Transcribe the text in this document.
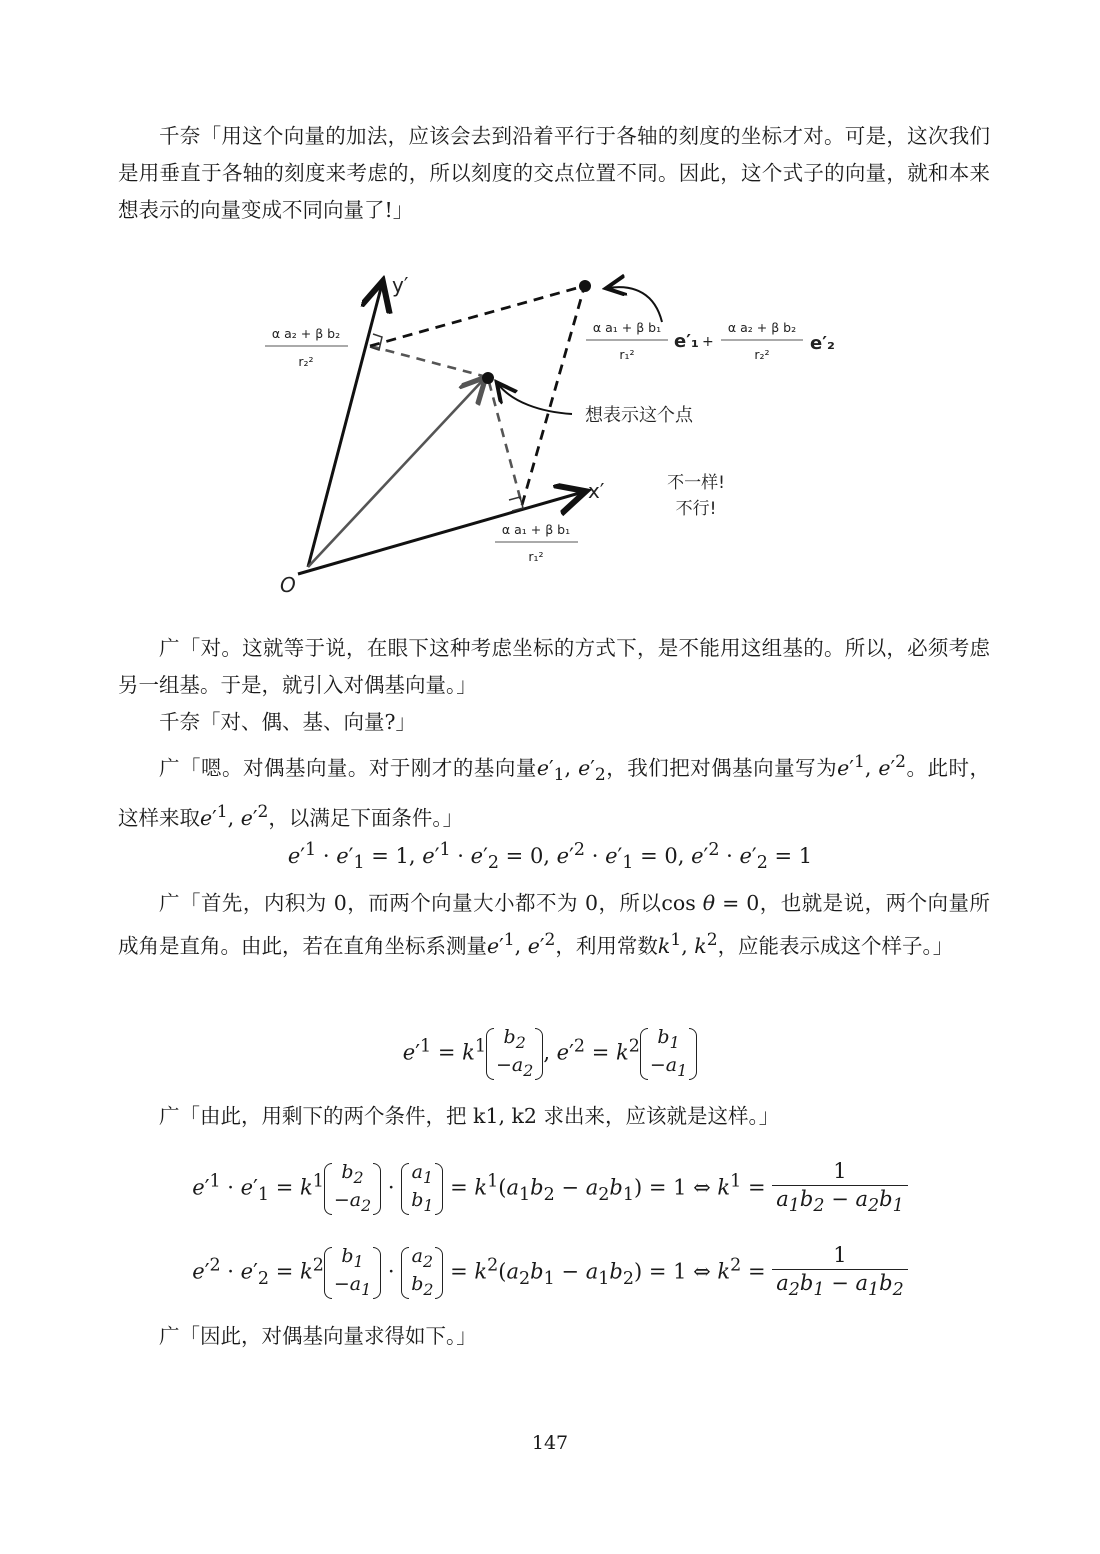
千奈「用这个向量的加法，应该会去到沿着平行于各轴的刻度的坐标才对。可是，这次我们是用垂直于各轴的刻度来考虑的，所以刻度的交点位置不同。因此，这个式子的向量，就和本来想表示的向量变成不同向量了!」

y′
x′
O
α a₂ + β b₂
r₂²
α a₁ + β b₁
r₁²
α a₁ + β b₁
r₁²
e′₁ +
α a₂ + β b₂
r₂²
e′₂
想表示这个点
不一样!
不行!

广「对。这就等于说，在眼下这种考虑坐标的方式下，是不能用这组基的。所以，必须考虑另一组基。于是，就引入对偶基向量。」

千奈「对、偶、基、向量?」

广「嗯。对偶基向量。对于刚才的基向量$e'_1$, $e'_2$，我们把对偶基向量写为$e'^1$, $e'^2$。此时，这样来取$e'^1$, $e'^2$，以满足下面条件。」

$e'^1 \cdot e'_1 = 1$, $e'^1 \cdot e'_2 = 0$, $e'^2 \cdot e'_1 = 0$, $e'^2 \cdot e'_2 = 1$

广「首先，内积为 0，而两个向量大小都不为 0，所以cos θ = 0，也就是说，两个向量所成角是直角。由此，若在直角坐标系测量$e'^1$, $e'^2$，利用常数$k^1$, $k^2$，应能表示成这个样子。」

$e'^1 = k^1$ $b_2$
$-a_2$
, $e'^2 = k^2$ $b_1$
$-a_1$

广「由此，用剩下的两个条件，把 k1, k2 求出来，应该就是这样。」

$e'^1 \cdot e'_1 = k^1$ $b_2$
$-a_2$
·
$a_1$
$b_1$
= $k^1(a_1b_2 - a_2b_1) = 1$ ⇔ $k^1 = \frac{1}{a_1b_2 - a_2b_1}$
$e'^2 \cdot e'_2 = k^2$ $b_1$
$-a_1$
·
$a_2$
$b_2$
= $k^2(a_2b_1 - a_1b_2) = 1$ ⇔ $k^2 = \frac{1}{a_2b_1 - a_1b_2}$

广「因此，对偶基向量求得如下。」

147
